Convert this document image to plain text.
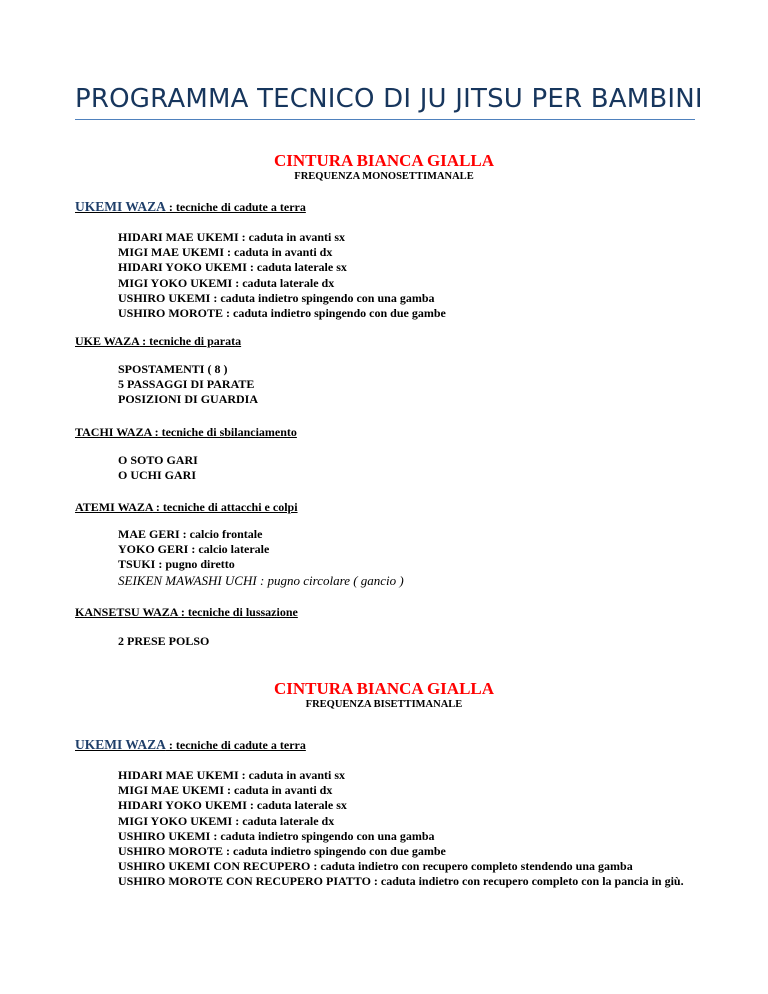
PROGRAMMA TECNICO DI JU JITSU PER BAMBINI
CINTURA BIANCA GIALLA
FREQUENZA MONOSETTIMANALE
UKEMI WAZA : tecniche di cadute a terra
HIDARI MAE UKEMI : caduta in avanti sx
MIGI MAE UKEMI : caduta in avanti dx
HIDARI YOKO UKEMI : caduta laterale sx
MIGI YOKO UKEMI : caduta laterale dx
USHIRO UKEMI : caduta indietro spingendo con una gamba
USHIRO MOROTE : caduta indietro spingendo con due gambe
UKE WAZA : tecniche di parata
SPOSTAMENTI ( 8 )
5 PASSAGGI DI PARATE
POSIZIONI DI GUARDIA
TACHI WAZA : tecniche di sbilanciamento
O SOTO GARI
O UCHI GARI
ATEMI WAZA : tecniche di attacchi e colpi
MAE GERI : calcio frontale
YOKO GERI : calcio laterale
TSUKI : pugno diretto
SEIKEN MAWASHI UCHI : pugno circolare ( gancio )
KANSETSU WAZA : tecniche di lussazione
2 PRESE POLSO
CINTURA BIANCA GIALLA
FREQUENZA BISETTIMANALE
UKEMI WAZA : tecniche di cadute a terra
HIDARI MAE UKEMI : caduta in avanti sx
MIGI MAE UKEMI : caduta in avanti dx
HIDARI YOKO UKEMI : caduta laterale sx
MIGI YOKO UKEMI : caduta laterale dx
USHIRO UKEMI : caduta indietro spingendo con una gamba
USHIRO MOROTE : caduta indietro spingendo con due gambe
USHIRO UKEMI CON RECUPERO : caduta indietro con recupero completo stendendo una gamba
USHIRO MOROTE CON RECUPERO PIATTO : caduta indietro con recupero completo con la pancia in giù.
